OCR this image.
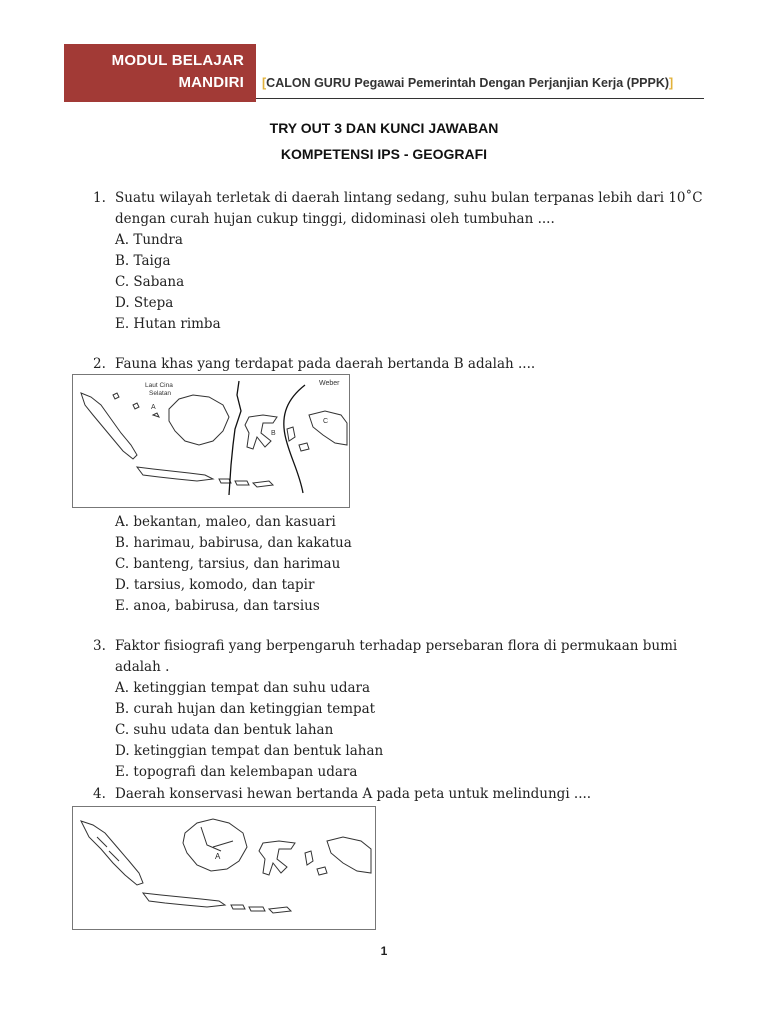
MODUL BELAJAR
MANDIRI [CALON GURU Pegawai Pemerintah Dengan Perjanjian Kerja (PPPK)]
TRY OUT 3 DAN KUNCI JAWABAN
KOMPETENSI IPS - GEOGRAFI
1. Suatu wilayah terletak di daerah lintang sedang, suhu bulan terpanas lebih dari 10˚C
dengan curah hujan cukup tinggi, didominasi oleh tumbuhan ....
A. Tundra
B. Taiga
C. Sabana
D. Stepa
E. Hutan rimba
2. Fauna khas yang terdapat pada daerah bertanda B adalah ....
Laut Cina
Selatan
Weber
A
B
C
A. bekantan, maleo, dan kasuari
B. harimau, babirusa, dan kakatua
C. banteng, tarsius, dan harimau
D. tarsius, komodo, dan tapir
E. anoa, babirusa, dan tarsius
3. Faktor fisiografi yang berpengaruh terhadap persebaran flora di permukaan bumi adalah .
A. ketinggian tempat dan suhu udara
B. curah hujan dan ketinggian tempat
C. suhu udata dan bentuk lahan
D. ketinggian tempat dan bentuk lahan
E. topografi dan kelembapan udara
4. Daerah konservasi hewan bertanda A pada peta untuk melindungi ....
A
1
